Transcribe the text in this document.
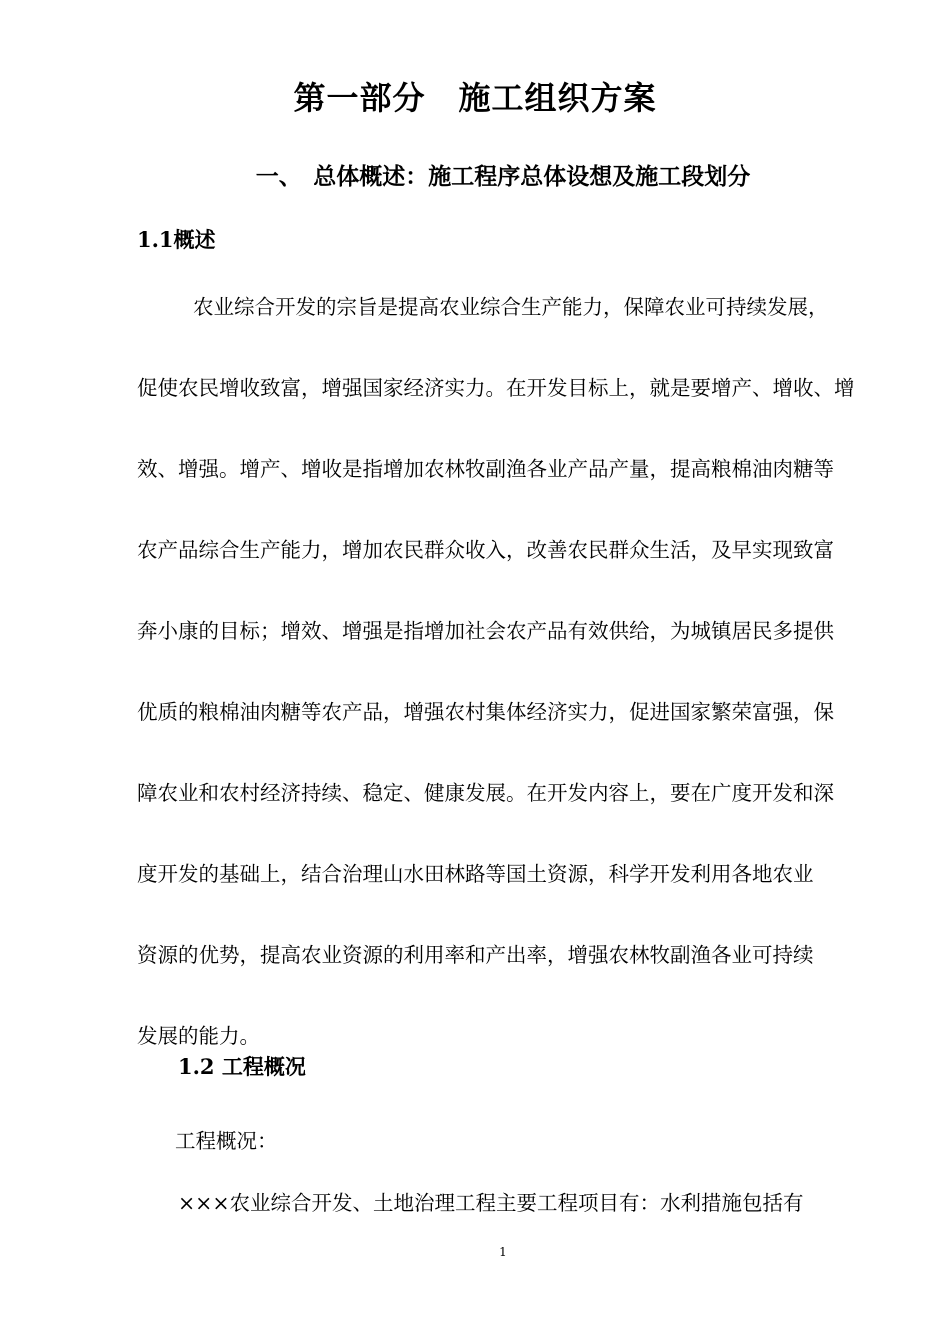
第一部分　施工组织方案
一、　总体概述：施工程序总体设想及施工段划分
1.1概述
农业综合开发的宗旨是提高农业综合生产能力，保障农业可持续发展，
促使农民增收致富，增强国家经济实力。在开发目标上，就是要增产、增收、增
效、增强。增产、增收是指增加农林牧副渔各业产品产量，提高粮棉油肉糖等
农产品综合生产能力，增加农民群众收入，改善农民群众生活，及早实现致富
奔小康的目标；增效、增强是指增加社会农产品有效供给，为城镇居民多提供
优质的粮棉油肉糖等农产品，增强农村集体经济实力，促进国家繁荣富强，保
障农业和农村经济持续、稳定、健康发展。在开发内容上，要在广度开发和深
度开发的基础上，结合治理山水田林路等国土资源，科学开发利用各地农业
资源的优势，提高农业资源的利用率和产出率，增强农林牧副渔各业可持续
发展的能力。
1.2 工程概况
工程概况：
×××农业综合开发、土地治理工程主要工程项目有：水利措施包括有
1
